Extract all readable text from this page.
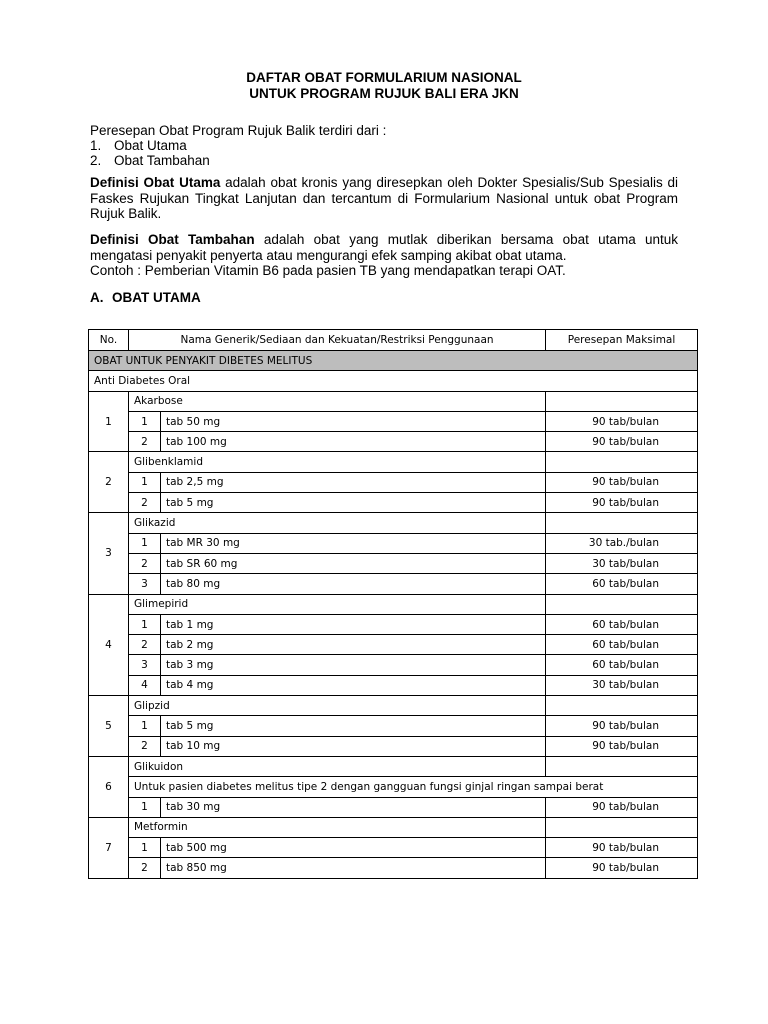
DAFTAR OBAT FORMULARIUM NASIONAL
UNTUK PROGRAM RUJUK BALI ERA JKN
Peresepan Obat Program Rujuk Balik terdiri dari :
1. Obat Utama
2. Obat Tambahan
Definisi Obat Utama adalah obat kronis yang diresepkan oleh Dokter Spesialis/Sub Spesialis di Faskes Rujukan Tingkat Lanjutan dan tercantum di Formularium Nasional untuk obat Program Rujuk Balik.
Definisi Obat Tambahan adalah obat yang mutlak diberikan bersama obat utama untuk mengatasi penyakit penyerta atau mengurangi efek samping akibat obat utama.
Contoh : Pemberian Vitamin B6 pada pasien TB yang mendapatkan terapi OAT.
A. OBAT UTAMA
No.	Nama Generik/Sediaan dan Kekuatan/Restriksi Penggunaan		Peresepan Maksimal
OBAT UNTUK PENYAKIT DIBETES MELITUS			
Anti Diabetes Oral			
1	Akarbose		
	1	tab 50 mg	90 tab/bulan
	2	tab 100 mg	90 tab/bulan
2	Glibenklamid		
	1	tab 2,5 mg	90 tab/bulan
	2	tab 5 mg	90 tab/bulan
3	Glikazid		
	1	tab MR 30 mg	30 tab./bulan
	2	tab SR 60 mg	30 tab/bulan
	3	tab 80 mg	60 tab/bulan
4	Glimepirid		
	1	tab 1 mg	60 tab/bulan
	2	tab 2 mg	60 tab/bulan
	3	tab 3 mg	60 tab/bulan
	4	tab 4 mg	30 tab/bulan
5	Glipzid		
	1	tab 5 mg	90 tab/bulan
	2	tab 10 mg	90 tab/bulan
6	Glikuidon		
	Untuk pasien diabetes melitus tipe 2 dengan gangguan fungsi ginjal ringan sampai berat		
	1	tab 30 mg	90 tab/bulan
7	Metformin		
	1	tab 500 mg	90 tab/bulan
	2	tab 850 mg	90 tab/bulan
